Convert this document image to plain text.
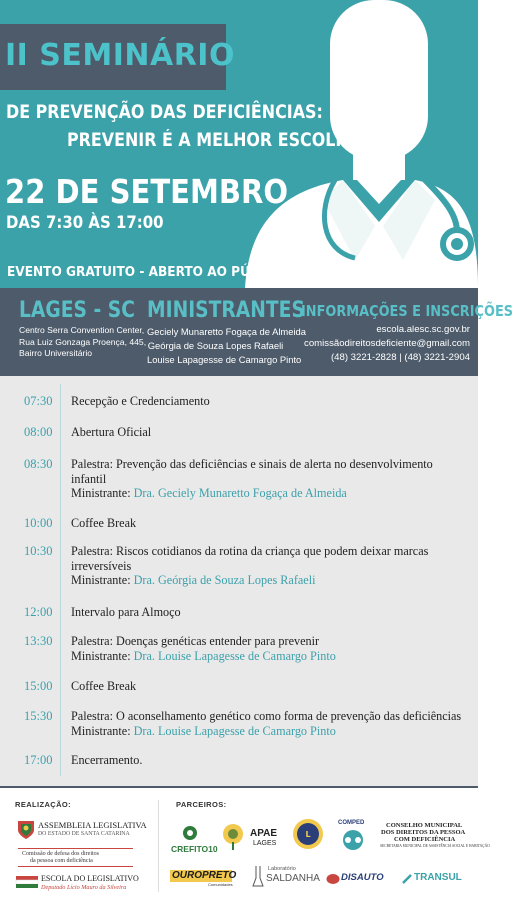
II SEMINÁRIO
DE PREVENÇÃO DAS DEFICIÊNCIAS:
PREVENIR É A MELHOR ESCOLHA
22 DE SETEMBRO
DAS 7:30 ÀS 17:00
EVENTO GRATUITO - ABERTO AO PÚBLICO
LAGES - SC
Centro Serra Convention Center,
Rua Luiz Gonzaga Proença, 445,
Bairro Universitário
MINISTRANTES
Geciely Munaretto Fogaça de Almeida
Geórgia de Souza Lopes Rafaeli
Louise Lapagesse de Camargo Pinto
INFORMAÇÕES E INSCRIÇÕES
escola.alesc.sc.gov.br
comissãodireitosdeficiente@gmail.com
(48) 3221-2828 | (48) 3221-2904
07:30	Recepção e Credenciamento
08:00	Abertura Oficial
08:30	Palestra: Prevenção das deficiências e sinais de alerta no desenvolvimento
infantil
Ministrante: Dra. Geciely Munaretto Fogaça de Almeida
10:00	Coffee Break
10:30	Palestra: Riscos cotidianos da rotina da criança que podem deixar marcas
irreversíveis
Ministrante: Dra. Geórgia de Souza Lopes Rafaeli
12:00	Intervalo para Almoço
13:30	Palestra: Doenças genéticas entender para prevenir
Ministrante: Dra. Louise Lapagesse de Camargo Pinto
15:00	Coffee Break
15:30	Palestra: O aconselhamento genético como forma de prevenção das deficiências
Ministrante: Dra. Louise Lapagesse de Camargo Pinto
17:00	Encerramento.
REALIZAÇÃO:	PARCEIROS:
ASSEMBLEIA LEGISLATIVA
DO ESTADO DE SANTA CATARINA
Comissão de defesa dos direitos
da pessoa com deficiência
ESCOLA DO LEGISLATIVO
Deputado Lício Mauro da Silveira
CREFITO10
APAE
LAGES
L
COMPED	CONSELHO MUNICIPAL
DOS DIREITOS DA PESSOA
COM DEFICIÊNCIA
SECRETARIA MUNICIPAL DE ASSISTÊNCIA SOCIAL E HABITAÇÃO
OUROPRETO
Comunidades
Laboratório
SALDANHA DISAUTO	TRANSUL
